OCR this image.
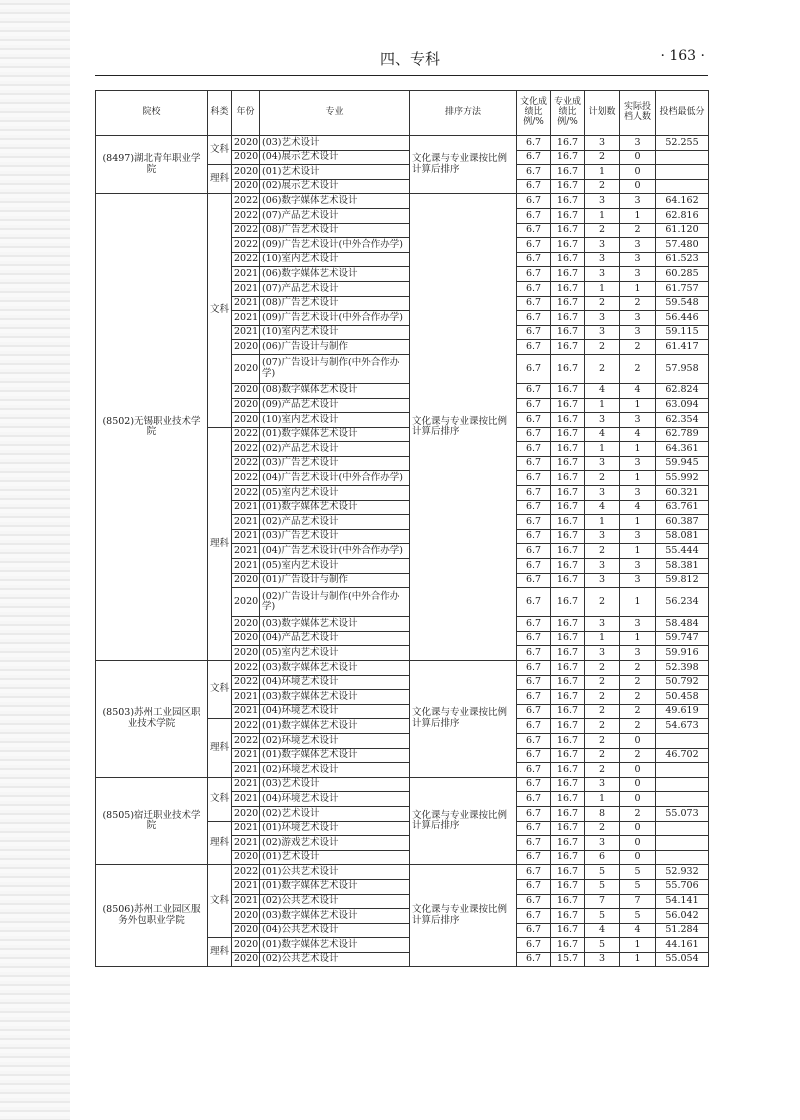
四、专科	· 163 ·
院校	科类	年份	专业	排序方法	文化成绩比例/%	专业成绩比例/%	计划数	实际投档人数	投档最低分
(8497)湖北青年职业学院	文科	2020	(03)艺术设计	文化课与专业课按比例计算后排序	6.7	16.7	3	3	52.255
		2020	(04)展示艺术设计		6.7	16.7	2	0	
	理科	2020	(01)艺术设计		6.7	16.7	1	0	
		2020	(02)展示艺术设计		6.7	16.7	2	0	
(8502)无锡职业技术学院	文科	2022	(06)数字媒体艺术设计	文化课与专业课按比例计算后排序	6.7	16.7	3	3	64.162
		2022	(07)产品艺术设计		6.7	16.7	1	1	62.816
		2022	(08)广告艺术设计		6.7	16.7	2	2	61.120
		2022	(09)广告艺术设计(中外合作办学)		6.7	16.7	3	3	57.480
		2022	(10)室内艺术设计		6.7	16.7	3	3	61.523
		2021	(06)数字媒体艺术设计		6.7	16.7	3	3	60.285
		2021	(07)产品艺术设计		6.7	16.7	1	1	61.757
		2021	(08)广告艺术设计		6.7	16.7	2	2	59.548
		2021	(09)广告艺术设计(中外合作办学)		6.7	16.7	3	3	56.446
		2021	(10)室内艺术设计		6.7	16.7	3	3	59.115
		2020	(06)广告设计与制作		6.7	16.7	2	2	61.417
		2020	(07)广告设计与制作(中外合作办学)		6.7	16.7	2	2	57.958
		2020	(08)数字媒体艺术设计		6.7	16.7	4	4	62.824
		2020	(09)产品艺术设计		6.7	16.7	1	1	63.094
		2020	(10)室内艺术设计		6.7	16.7	3	3	62.354
	理科	2022	(01)数字媒体艺术设计		6.7	16.7	4	4	62.789
		2022	(02)产品艺术设计		6.7	16.7	1	1	64.361
		2022	(03)广告艺术设计		6.7	16.7	3	3	59.945
		2022	(04)广告艺术设计(中外合作办学)		6.7	16.7	2	1	55.992
		2022	(05)室内艺术设计		6.7	16.7	3	3	60.321
		2021	(01)数字媒体艺术设计		6.7	16.7	4	4	63.761
		2021	(02)产品艺术设计		6.7	16.7	1	1	60.387
		2021	(03)广告艺术设计		6.7	16.7	3	3	58.081
		2021	(04)广告艺术设计(中外合作办学)		6.7	16.7	2	1	55.444
		2021	(05)室内艺术设计		6.7	16.7	3	3	58.381
		2020	(01)广告设计与制作		6.7	16.7	3	3	59.812
		2020	(02)广告设计与制作(中外合作办学)		6.7	16.7	2	1	56.234
		2020	(03)数字媒体艺术设计		6.7	16.7	3	3	58.484
		2020	(04)产品艺术设计		6.7	16.7	1	1	59.747
		2020	(05)室内艺术设计		6.7	16.7	3	3	59.916
(8503)苏州工业园区职业技术学院	文科	2022	(03)数字媒体艺术设计	文化课与专业课按比例计算后排序	6.7	16.7	2	2	52.398
		2022	(04)环境艺术设计		6.7	16.7	2	2	50.792
		2021	(03)数字媒体艺术设计		6.7	16.7	2	2	50.458
		2021	(04)环境艺术设计		6.7	16.7	2	2	49.619
	理科	2022	(01)数字媒体艺术设计		6.7	16.7	2	2	54.673
		2022	(02)环境艺术设计		6.7	16.7	2	0	
		2021	(01)数字媒体艺术设计		6.7	16.7	2	2	46.702
		2021	(02)环境艺术设计		6.7	16.7	2	0	
(8505)宿迁职业技术学院	文科	2021	(03)艺术设计	文化课与专业课按比例计算后排序	6.7	16.7	3	0	
		2021	(04)环境艺术设计		6.7	16.7	1	0	
		2020	(02)艺术设计		6.7	16.7	8	2	55.073
	理科	2021	(01)环境艺术设计		6.7	16.7	2	0	
		2021	(02)游戏艺术设计		6.7	16.7	3	0	
		2020	(01)艺术设计		6.7	16.7	6	0	
(8506)苏州工业园区服务外包职业学院	文科	2022	(01)公共艺术设计	文化课与专业课按比例计算后排序	6.7	16.7	5	5	52.932
		2021	(01)数字媒体艺术设计		6.7	16.7	5	5	55.706
		2021	(02)公共艺术设计		6.7	16.7	7	7	54.141
		2020	(03)数字媒体艺术设计		6.7	16.7	5	5	56.042
		2020	(04)公共艺术设计		6.7	16.7	4	4	51.284
	理科	2020	(01)数字媒体艺术设计		6.7	16.7	5	1	44.161
		2020	(02)公共艺术设计		6.7	15.7	3	1	55.054
